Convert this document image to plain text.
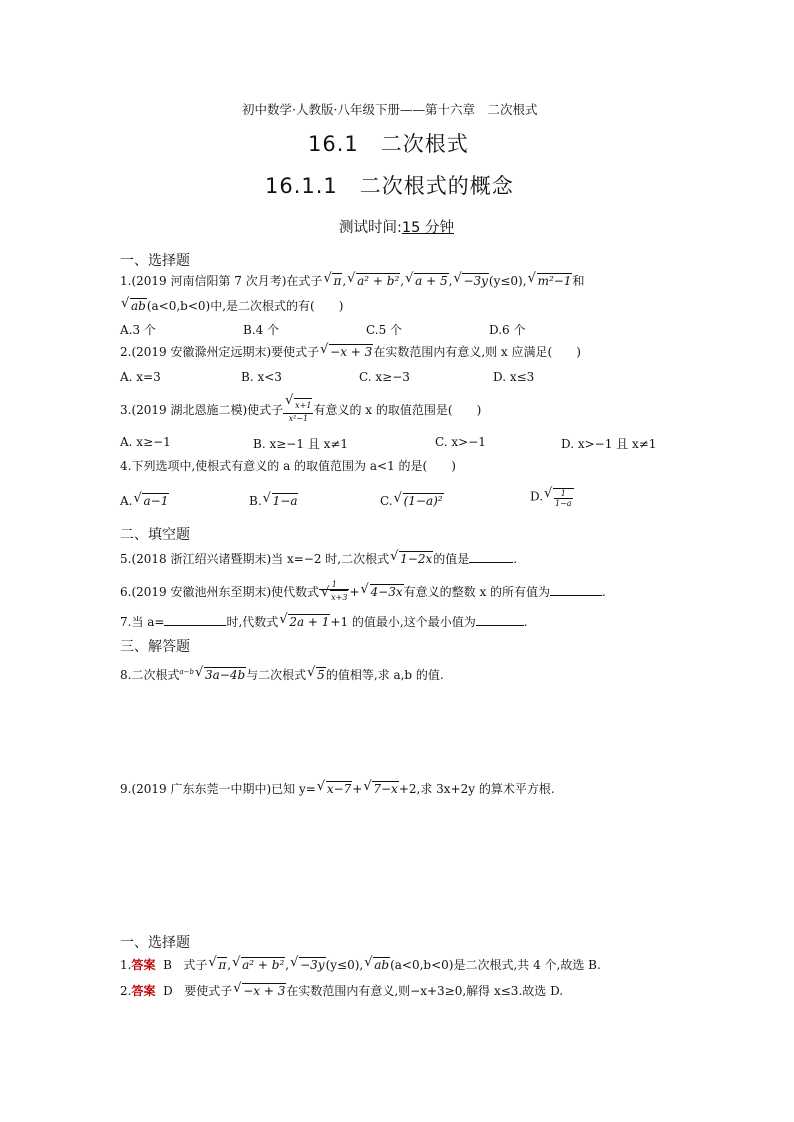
初中数学·人教版·八年级下册——第十六章　二次根式
16.1　二次根式
16.1.1　二次根式的概念
测试时间:15 分钟
一、选择题
1.(2019 河南信阳第 7 次月考)在式子 √ π, √ a² + b², √ a + 5, √ −3y(y≤0), √ m²−1和
√ ab(a<0,b<0)中,是二次根式的有(　　)
A.3 个	B.4 个	C.5 个	D.6 个
2.(2019 安徽滁州定远期末)要使式子 √ −x + 3在实数范围内有意义,则 x 应满足(　　)
A. x=3	B. x<3	C. x≥−3	D. x≤3
3.(2019 湖北恩施二模)使式子 √ $\frac{x+1}{\text{x²−1}}$ 有意义的 x 的取值范围是(　　)
A. x≥−1	B. x≥−1 且 x≠1	C. x>−1	D. x>−1 且 x≠1
4.下列选项中,使根式有意义的 a 的取值范围为 a<1 的是(　　)
A. √ a−1	B. √ 1−a	C. √ (1−a)²	D. √ $\frac{1}{1-a}$
二、填空题
5.(2018 浙江绍兴诸暨期末)当 x=−2 时,二次根式 √ 1−2x的值是	.
6.(2019 安徽池州东至期末)使代数式 1
√ x+3 + √ 4−3x有意义的整数 x 的所有值为	.
7.当 a=	时,代数式 √ 2a + 1+1 的值最小,这个最小值为	.
三、解答题
8.二次根式$^{a-b}$ √ 3a−4b与二次根式 √ 5的值相等,求 a,b 的值.
9.(2019 广东东莞一中期中)已知 y= √ x−7+ √ 7−x+2,求 3x+2y 的算术平方根.
一、选择题
1.答案 B 式子 √ π, √ a² + b², √ −3y(y≤0), √ ab(a<0,b<0)是二次根式,共 4 个,故选 B.
2.答案 D 要使式子 √ −x + 3在实数范围内有意义,则−x+3≥0,解得 x≤3.故选 D.
